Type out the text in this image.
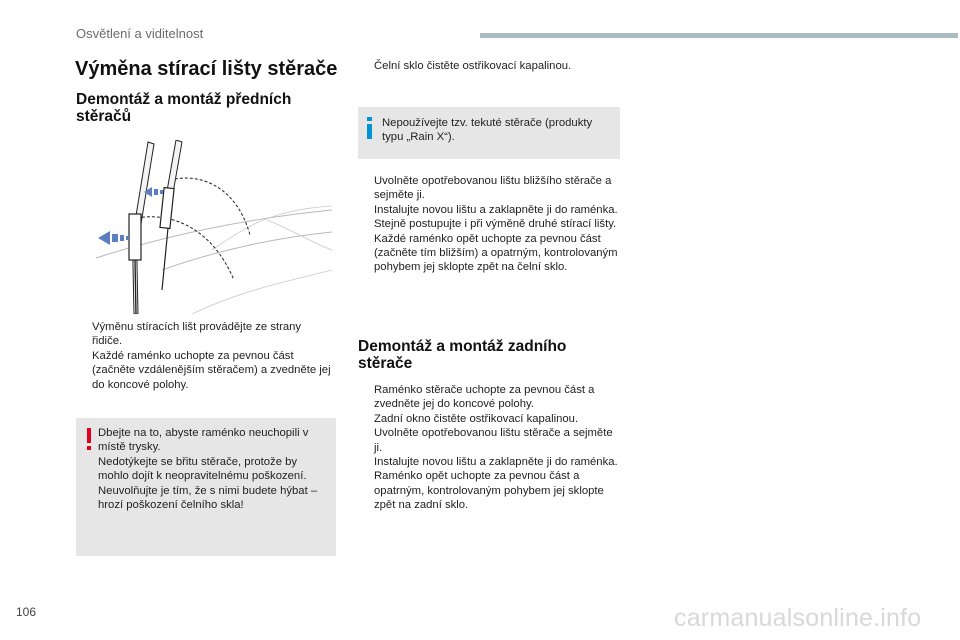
Osvětlení a viditelnost
Výměna stírací lišty stěrače
Demontáž a montáž předních stěračů
Výměnu stíracích lišt provádějte ze strany řidiče.
Každé raménko uchopte za pevnou část (začněte vzdálenějším stěračem) a zvedněte jej do koncové polohy.
Dbejte na to, abyste raménko neuchopili v místě trysky.
Nedotýkejte se břitu stěrače, protože by mohlo dojít k neopravitelnému poškození.
Neuvolňujte je tím, že s nimi budete hýbat – hrozí poškození čelního skla!
Čelní sklo čistěte ostřikovací kapalinou.
Nepoužívejte tzv. tekuté stěrače (produkty typu „Rain X“).
Uvolněte opotřebovanou lištu bližšího stěrače a sejměte ji.
Instalujte novou lištu a zaklapněte ji do raménka.
Stejně postupujte i při výměně druhé stírací lišty.
Každé raménko opět uchopte za pevnou část (začněte tím bližším) a opatrným, kontrolovaným pohybem jej sklopte zpět na čelní sklo.
Demontáž a montáž zadního stěrače
Raménko stěrače uchopte za pevnou část a zvedněte jej do koncové polohy.
Zadní okno čistěte ostřikovací kapalinou.
Uvolněte opotřebovanou lištu stěrače a sejměte ji.
Instalujte novou lištu a zaklapněte ji do raménka.
Raménko opět uchopte za pevnou část a opatrným, kontrolovaným pohybem jej sklopte zpět na zadní sklo.
106	carmanualsonline.info
